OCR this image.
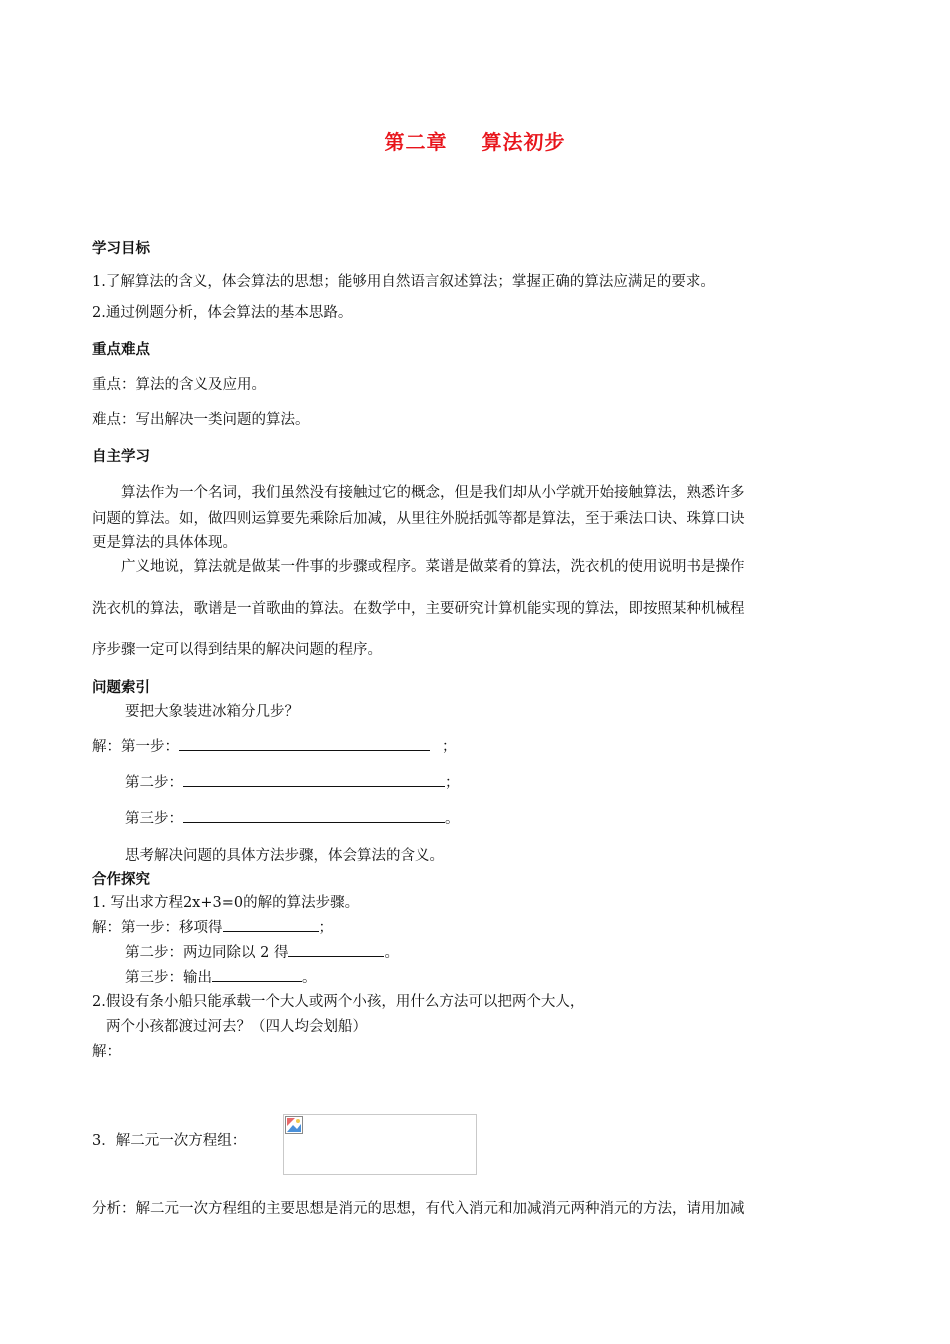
第二章 算法初步
学习目标
1.了解算法的含义，体会算法的思想；能够用自然语言叙述算法；掌握正确的算法应满足的要求。
2.通过例题分析，体会算法的基本思路。
重点难点
重点：算法的含义及应用。
难点：写出解决一类问题的算法。
自主学习
算法作为一个名词，我们虽然没有接触过它的概念，但是我们却从小学就开始接触算法，熟悉许多
问题的算法。如，做四则运算要先乘除后加减，从里往外脱括弧等都是算法，至于乘法口诀、珠算口诀
更是算法的具体体现。
广义地说，算法就是做某一件事的步骤或程序。菜谱是做菜肴的算法，洗衣机的使用说明书是操作
洗衣机的算法，歌谱是一首歌曲的算法。在数学中，主要研究计算机能实现的算法，即按照某种机械程
序步骤一定可以得到结果的解决问题的程序。
问题索引
要把大象装进冰箱分几步？
解：第一步：	；
第二步：	；
第三步：	。
思考解决问题的具体方法步骤，体会算法的含义。
合作探究
1. 写出求方程2x+3=0的解的算法步骤。
解：第一步：移项得	；
第二步：两边同除以 2 得	。
第三步：输出	。
2.假设有条小船只能承载一个大人或两个小孩，用什么方法可以把两个大人，
两个小孩都渡过河去？（四人均会划船）
解：
3．解二元一次方程组：
分析：解二元一次方程组的主要思想是消元的思想，有代入消元和加减消元两种消元的方法，请用加减
